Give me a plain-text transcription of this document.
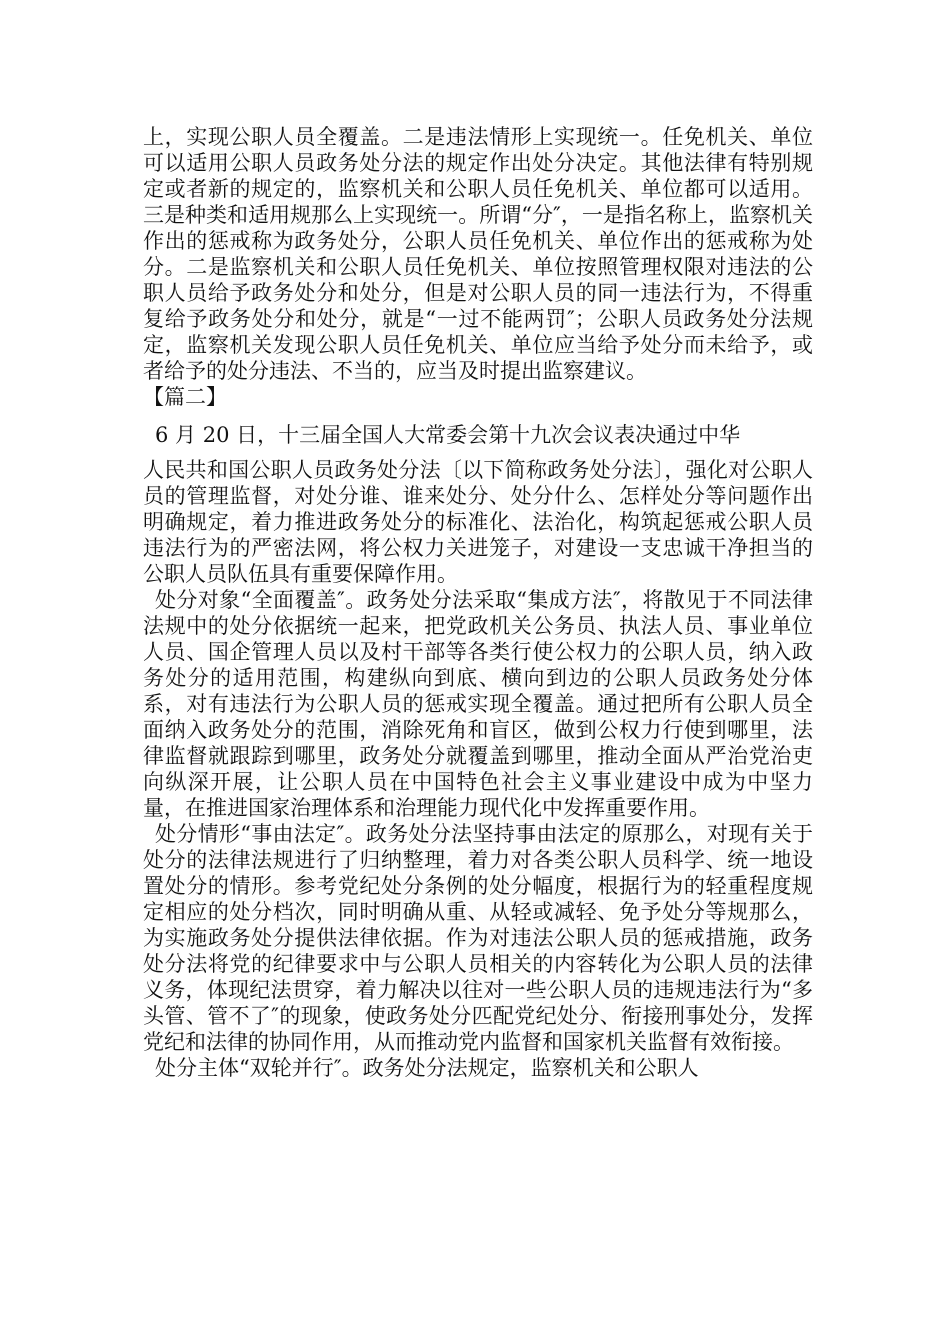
上，实现公职人员全覆盖。二是违法情形上实现统一。任免机关、单位可以适用公职人员政务处分法的规定作出处分决定。其他法律有特别规定或者新的规定的，监察机关和公职人员任免机关、单位都可以适用。三是种类和适用规那么上实现统一。所谓“分″，一是指名称上，监察机关作出的惩戒称为政务处分，公职人员任免机关、单位作出的惩戒称为处分。二是监察机关和公职人员任免机关、单位按照管理权限对违法的公职人员给予政务处分和处分，但是对公职人员的同一违法行为，不得重复给予政务处分和处分，就是“一过不能两罚″；公职人员政务处分法规定，监察机关发现公职人员任免机关、单位应当给予处分而未给予，或者给予的处分违法、不当的，应当及时提出监察建议。

【篇二】

6 月 20 日，十三届全国人大常委会第十九次会议表决通过中华

人民共和国公职人员政务处分法〔以下简称政务处分法〕，强化对公职人员的管理监督，对处分谁、谁来处分、处分什么、怎样处分等问题作出明确规定，着力推进政务处分的标准化、法治化，构筑起惩戒公职人员违法行为的严密法网，将公权力关进笼子，对建设一支忠诚干净担当的公职人员队伍具有重要保障作用。

处分对象“全面覆盖″。政务处分法采取“集成方法″，将散见于不同法律法规中的处分依据统一起来，把党政机关公务员、执法人员、事业单位人员、国企管理人员以及村干部等各类行使公权力的公职人员，纳入政务处分的适用范围，构建纵向到底、横向到边的公职人员政务处分体系，对有违法行为公职人员的惩戒实现全覆盖。通过把所有公职人员全面纳入政务处分的范围，消除死角和盲区，做到公权力行使到哪里，法律监督就跟踪到哪里，政务处分就覆盖到哪里，推动全面从严治党治吏向纵深开展，让公职人员在中国特色社会主义事业建设中成为中坚力量，在推进国家治理体系和治理能力现代化中发挥重要作用。

处分情形“事由法定″。政务处分法坚持事由法定的原那么，对现有关于处分的法律法规进行了归纳整理，着力对各类公职人员科学、统一地设置处分的情形。参考党纪处分条例的处分幅度，根据行为的轻重程度规定相应的处分档次，同时明确从重、从轻或减轻、免予处分等规那么，为实施政务处分提供法律依据。作为对违法公职人员的惩戒措施，政务处分法将党的纪律要求中与公职人员相关的内容转化为公职人员的法律义务，体现纪法贯穿，着力解决以往对一些公职人员的违规违法行为“多头管、管不了″的现象，使政务处分匹配党纪处分、衔接刑事处分，发挥党纪和法律的协同作用，从而推动党内监督和国家机关监督有效衔接。

处分主体“双轮并行″。政务处分法规定，监察机关和公职人
